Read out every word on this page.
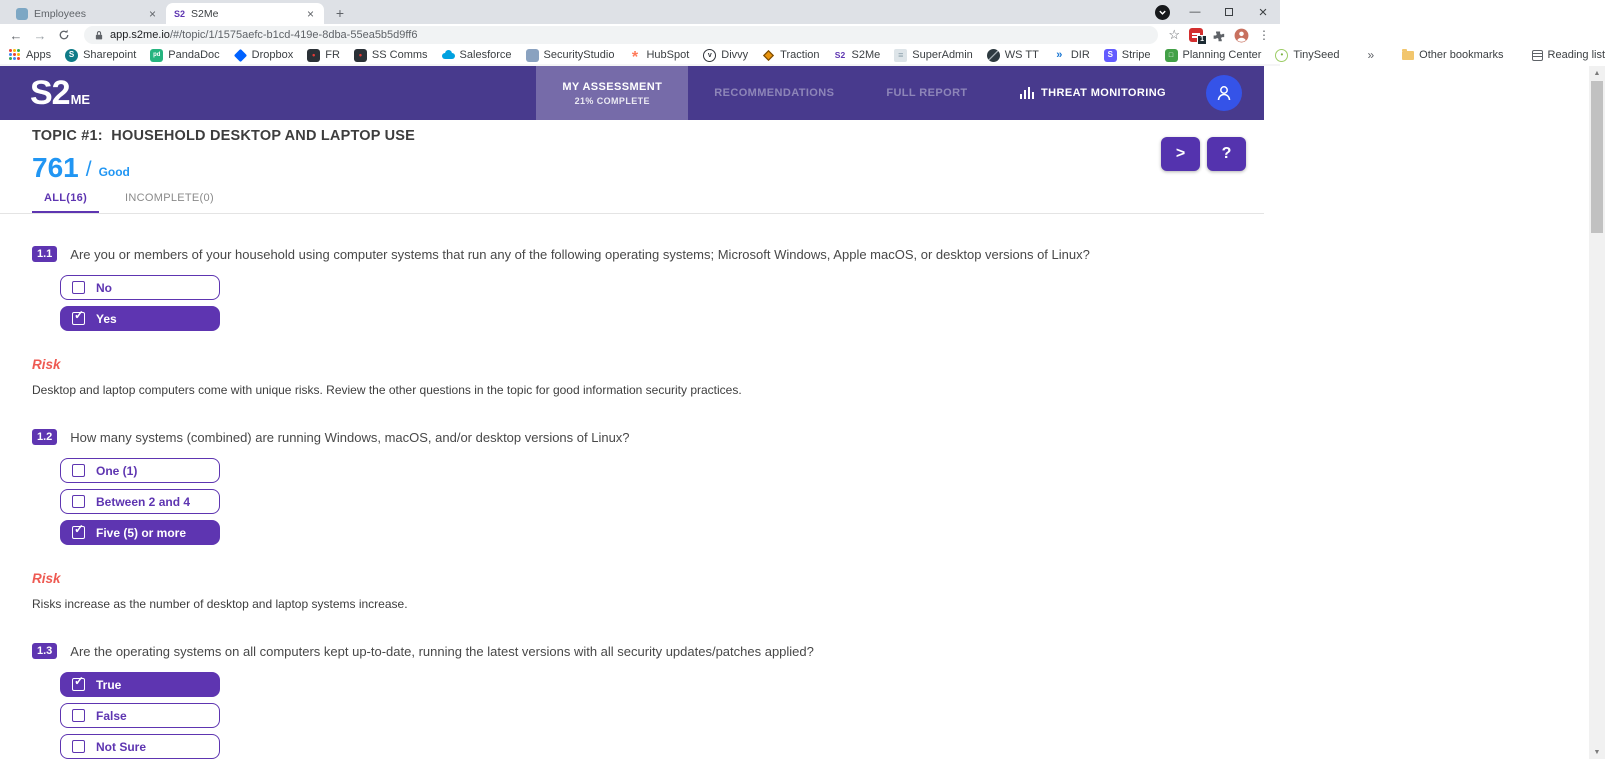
Employees	× S2 S2Me	×	+	—	×
← →	app.s2me.io/#/topic/1/1575aefc-b1cd-419e-8dba-55ea5b5d9ff6	☆	1	⋮
Apps	S Sharepoint	pd PandaDoc	Dropbox	• FR	• SS Comms	Salesforce	SecurityStudio * HubSpot	v Divvy	Traction S2 S2Me	≡ SuperAdmin	WS TT	» DIR	S Stripe	□ Planning Center	• TinySeed »	Other bookmarks	Reading list
S2 ME
MY ASSESSMENT
21% COMPLETE
RECOMMENDATIONS	FULL REPORT	THREAT MONITORING
TOPIC #1:  HOUSEHOLD DESKTOP AND LAPTOP USE
761 / Good
>	?
ALL(16)	INCOMPLETE(0)
1.1	Are you or members of your household using computer systems that run any of the following operating systems; Microsoft Windows, Apple macOS, or desktop versions of Linux?
No
✓ Yes
Risk
Desktop and laptop computers come with unique risks. Review the other questions in the topic for good information security practices.
1.2	How many systems (combined) are running Windows, macOS, and/or desktop versions of Linux?
One (1)
Between 2 and 4
✓ Five (5) or more
Risk
Risks increase as the number of desktop and laptop systems increase.
1.3	Are the operating systems on all computers kept up-to-date, running the latest versions with all security updates/patches applied?
✓ True
False
Not Sure
▲
▼
